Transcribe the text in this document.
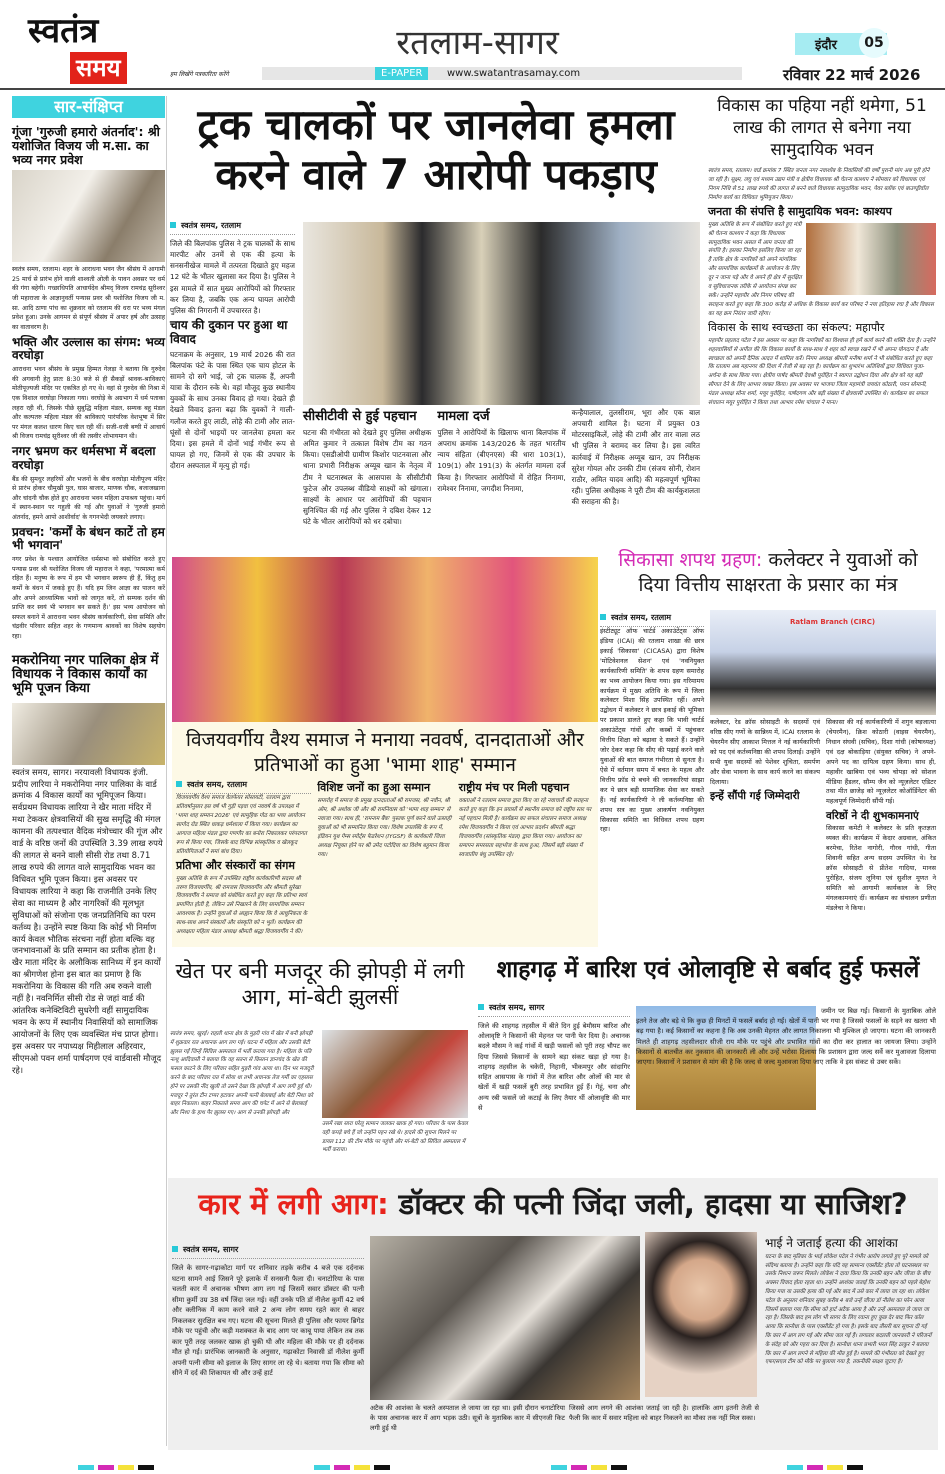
स्वतंत्र
समय	हम लिखेंगे पत्रकारिता करेंगे
रतलाम-सागर
E-PAPER	www.swatantrasamay.com
इंदौर	05
रविवार 22 मार्च 2026
सार-संक्षिप्त
गूंजा 'गुरुजी हमारो अंतर्नाद': श्री यशोजित विजय जी म.सा. का भव्य नगर प्रवेश
स्वतंत्र समय, रतलाम। शहर के आराधना भवन जैन श्रीसंघ में आगामी 25 मार्च से प्रारंभ होने वाली शाश्वती ओली के पावन अवसर पर धर्म की गंगा बहेगी। गच्छाधिपति आचार्यदेव श्रीमद् विजय रामचंद्र सूरीश्वर जी महाराजा के आज्ञानुवर्ती पन्यास प्रवर श्री यशोजित विजय जी म. सा. आदि ठाणा पांच का शुक्रवार को रतलाम की धरा पर भव्य मंगल प्रवेश हुआ। उनके आगमन से संपूर्ण श्रीसंघ में अपार हर्ष और उत्साह का वातावरण है।
भक्ति और उल्लास का संगम: भव्य वरघोड़ा
आराधना भवन श्रीसंघ के प्रमुख हिम्मत गेलड़ा ने बताया कि गुरुदेव की अगवानी हेतु प्रातः 8:30 बजे से ही सैकड़ों श्रावक-श्राविकाएं मोतीपूज्यजी मंदिर पर एकत्रित हो गए थे। वहां से गुरुदेव की निश्रा में एक विशाल वरघोड़ा निकाला गया। वरघोड़े के अग्रभाग में धर्म पताका लहरा रही थी, जिसके पीछे सुबुद्धि महिला मंडल, सम्यक बहू मंडल और कल्पतरु महिला मंडल की श्राविकाएं पारंपरिक वेशभूषा में सिर पर मंगल कलश धारण किए चल रही थीं। सजी-धजी बग्घी में आचार्य श्री विजय रामचंद्र सूरीश्वर जी की तस्वीर शोभायमान थी।
नगर भ्रमण कर धर्मसभा में बदला वरघोड़ा
बैंड की सुमधुर लहरियों और भजनों के बीच वरघोड़ा मोतीपूज्य मंदिर से प्रारंभ होकर चौमुखी पुल, घास बाजार, माणक चौक, बजाजखाना और चांदनी चौक होते हुए आराधना भवन महिला उपाश्रय पहुंचा। मार्ग में स्थान-स्थान पर गहुली की गई और युवाओं ने 'गुरुजी हमारो अंतर्नाद, हमने आपो आशीर्वाद' के गगनभेदी जयकारे लगाए।
प्रवचन: 'कर्मों के बंधन काटें तो हम भी भगवान'
नगर प्रवेश के पश्चात आयोजित धर्मसभा को संबोधित करते हुए पन्यास प्रवर श्री यशोजित विजय जी महाराज ने कहा, 'परमात्मा कर्म रहित हैं। मनुष्य के रूप में हम भी भगवान स्वरूप ही हैं, किंतु हम कर्मों के बंधन में जकड़े हुए हैं। यदि हम जिन आज्ञा का पालन करें और अपने आध्यात्मिक भावों को जागृत करें, तो सम्यक दर्शन की प्राप्ति कर स्वयं भी भगवान बन सकते हैं।' इस भव्य आयोजन को सफल बनाने में आराधना भवन श्रीसंघ कार्यकारिणी, सेवा समिति और चंद्रवीर परिवार सहित शहर के गणमान्य श्रावकों का विशेष सहयोग रहा।
मकरोनिया नगर पालिका क्षेत्र में विधायक ने विकास कार्यों का भूमि पूजन किया
स्वतंत्र समय, सागर। नरयावली विधायक इंजी. प्रदीप लारिया ने मकरोनिया नगर पालिका के वार्ड क्रमांक 4 विकास कार्यों का भूमिपूजन किया। सर्वप्रथम विधायक लारिया ने खैर माता मंदिर में मथा टेककर क्षेत्रवासियों की सुख समृद्धि की मंगल कामना की तत्पश्चात वैदिक मंत्रोच्चार की गूंज और वार्ड के वरिष्ठ जनों की उपस्थिति 3.39 लाख रुपये की लागत से बनने वाली सीसी रोड तथा 8.71 लाख रुपये की लागत वाले सामुदायिक भवन का विधिवत भूमि पूजन किया। इस अवसर पर विधायक लारिया ने कहा कि राजनीति उनके लिए सेवा का माध्यम है और नागरिकों की मूलभूत सुविधाओं को संजोना एक जनप्रतिनिधि का परम कर्तव्य है। उन्होंने स्पष्ट किया कि कोई भी निर्माण कार्य केवल भौतिक संरचना नहीं होता बल्कि वह जनभावनाओं के प्रति सम्मान का प्रतीक होता है। खैर माता मंदिर के अलौकिक सानिध्य में इन कार्यों का श्रीगणेश होना इस बात का प्रमाण है कि मकरोनिया के विकास की गति अब रुकने वाली नहीं है। नवनिर्मित सीसी रोड से जहां वार्ड की आंतरिक कनेक्टिविटी सुधरेगी वहीं सामुदायिक भवन के रूप में स्थानीय निवासियों को सामाजिक आयोजनों के लिए एक व्यवस्थित मंच प्राप्त होगा। इस अवसर पर नपाध्यक्ष मिहीलाल अहिरवार, सीएमओ पवन शर्मा पार्षदगण एवं वार्डवासी मौजूद रहे।
ट्रक चालकों पर जानलेवा हमला करने वाले 7 आरोपी पकड़ाए
स्वतंत्र समय, रतलाम
जिले की बिलपांक पुलिस ने ट्रक चालकों के साथ मारपीट और उनमें से एक की हत्या के सनसनीखेज मामले में तत्परता दिखाते हुए महज 12 घंटे के भीतर खुलासा कर दिया है। पुलिस ने इस मामले में सात मुख्य आरोपियों को गिरफ्तार कर लिया है, जबकि एक अन्य घायल आरोपी पुलिस की निगरानी में उपचाररत है।
चाय की दुकान पर हुआ था विवाद
घटनाक्रम के अनुसार, 19 मार्च 2026 की रात बिलपांक फंटे के पास स्थित एक चाय होटल के सामने दो सगे भाई, जो ट्रक चालक हैं, अपनी यात्रा के दौरान रुके थे। वहां मौजूद कुछ स्थानीय युवकों के साथ उनका विवाद हो गया। देखते ही देखते विवाद इतना बढ़ा कि युवकों ने गाली-गलौज करते हुए लाठी, लोहे की टामी और लात-घूंसों से दोनों भाइयों पर जानलेवा हमला कर दिया। इस हमले में दोनों भाई गंभीर रूप से घायल हो गए, जिनमें से एक की उपचार के दौरान अस्पताल में मृत्यु हो गई।
सीसीटीवी से हुई पहचान
घटना की गंभीरता को देखते हुए पुलिस अधीक्षक अमित कुमार ने तत्काल विशेष टीम का गठन किया। एसडीओपी ग्रामीण किशोर पाटनवाला और थाना प्रभारी निरीक्षक अय्यूब खान के नेतृत्व में टीम ने घटनास्थल के आसपास के सीसीटीवी फुटेज और उपलब्ध वीडियो साक्ष्यों को खंगाला। साक्ष्यों के आधार पर आरोपियों की पहचान सुनिश्चित की गई और पुलिस ने दबिश देकर 12 घंटे के भीतर आरोपियों को धर दबोचा।
मामला दर्ज
पुलिस ने आरोपियों के खिलाफ थाना बिलपांक में अपराध क्रमांक 143/2026 के तहत भारतीय न्याय संहिता (बीएनएस) की धारा 103(1), 109(1) और 191(3) के अंतर्गत मामला दर्ज किया है। गिरफ्तार आरोपियों में रोहित निनामा, रामेश्वर निनामा, जगदीश निनामा,
कन्हैयालाल, तुलसीराम, भूरा और एक बाल अपचारी शामिल है। घटना में प्रयुक्त 03 मोटरसाइकिलें, लोहे की टामी और तार वाला लठ भी पुलिस ने बरामद कर लिया है। इस त्वरित कार्रवाई में निरीक्षक अय्यूब खान, उप निरीक्षक सुरेश गोयल और उनकी टीम (संजय सोनी, रोशन राठौर, अमित यादव आदि) की महत्वपूर्ण भूमिका रही। पुलिस अधीक्षक ने पूरी टीम की कार्यकुशलता की सराहना की है।
विकास का पहिया नहीं थमेगा, 51 लाख की लागत से बनेगा नया सामुदायिक भवन
स्वतंत्र समय, रतलाम। वार्ड क्रमांक 7 स्थित जनता नगर नवाशोब के निवासियों की वर्षों पुरानी मांग अब पूरी होने जा रही है। सूक्ष्म, लघु एवं मध्यम उद्यम मंत्री व क्षेत्रीय विधायक श्री चेतन्य काश्यप ने सोमवार को विधायक एवं निगम निधि से 51 लाख रुपये की लागत से बनने वाले विधायक सामुदायिक भवन, पेवर ब्लॉक एवं बाउण्ड्रीवॉल निर्माण कार्य का विधिवत भूमिपूजन किया।
जनता की संपत्ति है सामुदायिक भवन: काश्यप
मुख्य अतिथि के रूप में संबोधित करते हुए मंत्री श्री चेतन्य काश्यप ने कहा कि विधायक सामुदायिक भवन असल में आम जनता की संपत्ति है। इसका निर्माण इसलिए किया जा रहा है ताकि क्षेत्र के नागरिकों को अपने मांगलिक और सामाजिक कार्यक्रमों के आयोजन के लिए दूर न जाना पड़े और वे अपने ही क्षेत्र में सुरक्षित व सुविधाजनक तरीके से आयोजन संपन्न कर सकें। उन्होंने महापौर और निगम परिषद की सराहना करते हुए कहा कि 300 करोड़ से अधिक के विकास कार्य कर परिषद ने नया इतिहास रचा है और विकास का यह क्रम निरंतर जारी रहेगा।
विकास के साथ स्वच्छता का संकल्प: महापौर
महापौर प्रहलाद पटेल ने इस अवसर पर कहा कि नागरिकों का विश्वास ही हमें कार्य करने की शक्ति देता है। उन्होंने शहरवासियों से अपील की कि विकास कार्यों के साथ-साथ वे शहर को स्वच्छ रखने में भी अपना योगदान दें और स्वच्छता को अपनी दैनिक आदत में शामिल करें। निगम अध्यक्ष श्रीमती मनीषा शर्मा ने भी संबोधित करते हुए कहा कि रतलाम अब महानगर की दिशा में तेजी से बढ़ रहा है। कार्यक्रम का शुभारंभ अतिथियों द्वारा विधिवत पूजा-अर्चना के साथ किया गया। क्षेत्रीय पार्षद श्रीमती देवश्री पुरोहित ने स्वागत उद्बोधन दिया और क्षेत्र को यह बड़ी सौगात देने के लिए आभार व्यक्त किया। इस अवसर पर भाजपा जिला महामंत्री जयवंत कोठारी, पवन सोमानी, मंडल अध्यक्ष सोना शर्मा, मयूर पुरोहित, पार्षदगण और बड़ी संख्या में क्षेत्रवासी उपस्थित थे। कार्यक्रम का सफल संचालन मयूर पुरोहित ने किया तथा आभार रमेश पांचाल ने माना।
विजयवर्गीय वैश्य समाज ने मनाया नववर्ष, दानदाताओं और प्रतिभाओं का हुआ 'भामा शाह' सम्मान
स्वतंत्र समय, रतलाम
विजयवर्गीय वैश्य समाज वेलफेयर सोसायटी, रतलाम द्वारा प्रतिवर्षानुसार इस वर्ष भी गुड़ी पड़वा एवं नववर्ष के उपलक्ष्य में 'भामा शाह सम्मान 2026' एवं सामूहिक गोठ का भव्य आयोजन सागोद रोड स्थित धाकड़ धर्मशाला में किया गया। कार्यक्रम का आगाज महिला मंडल द्वारा गणगौर का बनोरा निकालकर परंपरागत रूप से किया गया, जिसके बाद विभिन्न सांस्कृतिक व खेलकूद प्रतियोगिताओं ने समां बांध दिया।
प्रतिभा और संस्कारों का संगम
मुख्य अतिथि के रूप में उपस्थित राष्ट्रीय कार्यकारिणी सदस्य श्री तरुण विजयवर्गीय, श्री रामजस विजयवर्गीय और श्रीमती सुरेखा विजयवर्गीय ने समाज को संबोधित करते हुए कहा कि प्रतिभा स्वयं प्रमाणित होती है, लेकिन उसे निखारने के लिए सामाजिक सम्मान आवश्यक है। उन्होंने युवाओं से आह्वान किया कि वे आधुनिकता के साथ-साथ अपने संस्कारों और संस्कृति को न भूलें। कार्यक्रम की अध्यक्षता महिला मंडल अध्यक्ष श्रीमती श्रद्धा विजयवर्गीय ने की।
विशिष्ट जनों का हुआ सम्मान
समारोह में समाज के प्रमुख दानदाताओं श्री रामजस, श्री नवीन, श्री ओम, श्री अशोक जी और श्री रामनिवास को 'भामा शाह सम्मान' से नवाजा गया। साथ ही, 'रामनाम बैंक' पुस्तक पूर्ण करने वाले उत्साही युवाओं को भी सम्मानित किया गया। विशेष उपलब्धि के रूप में, इंडियन यूथ गेम्स स्पोर्ट्स फेडरेशन (IYGSF) के कार्यकारी जिला अध्यक्ष नियुक्त होने पर श्री उमेद पटोदिया का विशेष बहुमान किया गया।
राष्ट्रीय मंच पर मिली पहचान
वक्ताओं ने रतलाम समाज द्वारा किए जा रहे नवाचारों की सराहना करते हुए कहा कि इन प्रयासों से स्थानीय समाज को राष्ट्रीय स्तर पर नई पहचान मिली है। कार्यक्रम का सफल संचालन समाज अध्यक्ष रमेश विजयवर्गीय ने किया एवं आभार प्रदर्शन श्रीमती श्रद्धा विजयवर्गीय (सांस्कृतिक मंडल) द्वारा किया गया। आयोजन का समापन समरसता सहभोज के साथ हुआ, जिसमें बड़ी संख्या में स्वजातीय बंधु उपस्थित रहे।
सिकासा शपथ ग्रहण: कलेक्टर ने युवाओं को दिया वित्तीय साक्षरता के प्रसार का मंत्र
स्वतंत्र समय, रतलाम
इंस्टीट्यूट ऑफ चार्टर्ड अकाउंटेंट्स ऑफ इंडिया (ICAI) की रतलाम शाखा की छात्र इकाई 'सिकासा' (CICASA) द्वारा विशेष 'मोटिवेशनल सेशन' एवं 'नवनियुक्त कार्यकारिणी समिति' के शपथ ग्रहण समारोह का भव्य आयोजन किया गया। इस गरिमामय कार्यक्रम में मुख्य अतिथि के रूप में जिला कलेक्टर मिशा सिंह उपस्थित रहीं। अपने उद्बोधन में कलेक्टर ने छात्र इकाई की भूमिका पर प्रकाश डालते हुए कहा कि भावी चार्टर्ड अकाउंटेंट्स गांवों और कस्बों में पहुंचकर वित्तीय शिक्षा को बढ़ावा दे सकते हैं। उन्होंने जोर देकर कहा कि सीए की पढ़ाई करने वाले युवाओं की बात समाज गंभीरता से सुनता है। ऐसे में वर्तमान समय में बचत के महत्व और वित्तीय फ्रॉड से बचने की जानकारियां साझा कर ये छात्र बड़ी सामाजिक सेवा कर सकते हैं। नई कार्यकारिणी ने ली कर्तव्यनिष्ठा की शपथ सत्र का मुख्य आकर्षण नवनियुक्त सिकासा समिति का विधिवत शपथ ग्रहण रहा।
Ratlam Branch (CIRC)
कलेक्टर, रेड क्रॉस सोसाइटी के सदस्यों एवं वरिष्ठ सीए गणों के सान्निध्य में, ICAI रतलाम के चेयरमैन सीए आकाश मित्तल ने नई कार्यकारिणी को पद एवं कर्तव्यनिष्ठा की शपथ दिलाई। उन्होंने सभी युवा सदस्यों को पेशेवर शुचिता, समर्पण और सेवा भावना के साथ कार्य करने का संकल्प दिलाया।
इन्हें सौंपी गई जिम्मेदारी
सिकासा की नई कार्यकारिणी में शगुन बड़जात्या (चेयरमैन), क्रिश कोठारी (वाइस चेयरमैन), निधान संघवी (सचिव), दिशा गांधी (कोषाध्यक्ष) एवं दक्ष बोकाड़िया (संयुक्त सचिव) ने अपने-अपने पद का दायित्व ग्रहण किया। साथ ही, महावीर खाबिया एवं भव्य चोपड़ा को सोशल मीडिया हैंडलर, सौम्य जैन को न्यूज़लेटर एडिटर तथा मीत छाजेड़ को न्यूज़लेटर कोऑर्डिनेटर की महत्वपूर्ण जिम्मेदारी सौंपी गई।
वरिष्ठों ने दी शुभकामनाएं
सिकासा कमेटी ने कलेक्टर के प्रति कृतज्ञता व्यक्त की। कार्यक्रम में केदार अग्रवाल, अंकित बरमेचा, रितेश नागोरी, गौरव गांधी, गीता शिवानी सहित अन्य सदस्य उपस्थित थे। रेड क्रॉस सोसाइटी से प्रीतेश गादिया, मानस पुरोहित, संजय लूनिया एवं सुशील मूणत ने समिति को आगामी कार्यकाल के लिए मंगलकामनाएं दीं। कार्यक्रम का संचालन प्रणीता मंडलेचा ने किया।
खेत पर बनी मजदूर की झोपड़ी में लगी आग, मां-बेटी झुलसीं
स्वतंत्र समय, खुरई। राहली थाना क्षेत्र के मुड़री गांव में खेत में बनी झोपड़ी में शुक्रवार रात अचानक आग लग गई। घटना में महिला और उसकी बेटी झुलस गईं जिन्हें सिविल अस्पताल में भर्ती कराया गया है। महिला के पति नत्थू आदिवासी ने बताया कि वह सतना से किसान ज्ञानचंद के खेत की फसल काटने के लिए परिवार सहित मुड़री गांव आया था। दिन भर मजदूरी करने के बाद परिवार रात में सोया था तभी अचानक तेज गर्मी का एहसास होने पर उसकी नींद खुली तो उसने देखा कि झोपड़ी में आग लगी हुई थी। मजदूर ने तुरंत टीन टप्पर हटाकर अपनी पत्नी बेलाबाई और बेटी निशा को बाहर निकाला। बाहर निकलते समय आग की चपेट में आने से बेलाबाई और निशा के हाथ पैर झुलस गए। आग से उनकी झोपड़ी और
उसमें रखा सारा घरेलू सामान जलकर खाक हो गया। परिवार के पास केवल वही कपड़े बचे हैं जो उन्होंने पहन रखे थे। हादसे की सूचना मिलने पर डायल 112 की टीम मौके पर पहुंची और मां-बेटी को सिविल अस्पताल में भर्ती कराया।
शाहगढ़ में बारिश एवं ओलावृष्टि से बर्बाद हुई फसलें
स्वतंत्र समय, सागर
जिले की शाहगढ़ तहसील में बीते दिन हुई बेमौसम बारिश और ओलावृष्टि ने किसानों की मेहनत पर पानी फेर दिया है। अचानक बदले मौसम ने कई गांवों में खड़ी फसलों को पूरी तरह चौपट कर दिया जिससे किसानों के सामने बड़ा संकट खड़ा हो गया है। शाहगढ़ तहसील के चकेरी, निहानी, भीकमपुर और सांदागिर सहित आसपास के गांवों में तेज बारिश और ओलों की मार से खेतों में खड़ी फसलें बुरी तरह प्रभावित हुई हैं। गेहूं, चना और अन्य रबी फसलें जो कटाई के लिए तैयार थीं ओलावृष्टि की मार से
जमीन पर बिछ गईं। किसानों के मुताबिक ओले इतने तेज और बड़े थे कि कुछ ही मिनटों में फसलें बर्बाद हो गईं। खेतों में पानी भर गया है जिससे फसलों के सड़ने का खतरा भी बढ़ गया है। कई किसानों का कहना है कि अब उनकी मेहनत और लागत निकालना भी मुश्किल हो जाएगा। घटना की जानकारी मिलते ही शाहगढ़ तहसीलदार सीजी राय मौके पर पहुंचे और प्रभावित गांवों का दौरा कर हालात का जायजा लिया। उन्होंने किसानों से बातचीत कर नुकसान की जानकारी ली और उन्हें भरोसा दिलाया कि प्रशासन द्वारा जल्द सर्वे कर मुआवजा दिलाया जाएगा। किसानों ने प्रशासन से मांग की है कि जल्द से जल्द मुआवजा दिया जाए ताकि वे इस संकट से उबर सकें।
कार में लगी आग: डॉक्टर की पत्नी जिंदा जली, हादसा या साजिश?
स्वतंत्र समय, सागर
जिले के सागर-गढ़ाकोटा मार्ग पर शनिवार तड़के करीब 4 बजे एक दर्दनाक घटना सामने आई जिसने पूरे इलाके में सनसनी फैला दी। चनाटोरिया के पास चलती कार में अचानक भीषण आग लग गई जिसमें सवार डॉक्टर की पत्नी सीमा कुर्मी उम्र 38 वर्ष जिंदा जल गई। वहीं उनके पति डॉ नीलेश कुर्मी 42 वर्ष और क्लीनिक में काम करने वाले 2 अन्य लोग समय रहते कार से बाहर निकलकर सुरक्षित बच गए। घटना की सूचना मिलते ही पुलिस और फायर ब्रिगेड मौके पर पहुंची और कड़ी मशक्कत के बाद आग पर काबू पाया लेकिन तब तक कार पूरी तरह जलकर खाक हो चुकी थी और महिला की मौके पर ही दर्दनाक मौत हो गई। प्रारंभिक जानकारी के अनुसार, गढ़ाकोटा निवासी डॉ नीलेश कुर्मी अपनी पत्नी सीमा को इलाज के लिए सागर ला रहे थे। बताया गया कि सीमा को सीने में दर्द की शिकायत थी और उन्हें हार्ट
अटैक की आशंका के चलते अस्पताल ले जाया जा रहा था। इसी दौरान चनाटोरिया के पास अचानक कार में आग भड़क उठी। सूत्रों के मुताबिक कार में सीएनजी किट लगी हुई थी
जिससे आग लगने की आशंका जताई जा रही है। हालांकि आग इतनी तेजी से फैली कि कार में सवार महिला को बाहर निकलने का मौका तक नहीं मिल सका।
भाई ने जताई हत्या की आशंका
घटना के बाद मृतिका के भाई लोकेश पटेल ने गंभीर आरोप लगाते हुए पूरे मामले को संदिग्ध बताया है। उन्होंने कहा कि यदि यह सामान्य एक्सीडेंट होता तो घटनास्थल पर उसके निशान जरूर मिलते। लोकेश ने दावा किया कि उनकी बहन और जीजा के बीच अक्सर विवाद होता रहता था। उन्होंने आशंका जताई कि उनकी बहन को पहले बेहोश किया गया या उसकी हत्या की गई और बाद में उसे कार में लाया जा रहा था। लोकेश पटेल के अनुसार शनिवार सुबह करीब 4 बजे उन्हें जीजा डॉ नीलेश का फोन आया जिसमें बताया गया कि सीमा को हार्ट अटैक आया है और उन्हें अस्पताल ले जाया जा रहा है। जिसके बाद हम लोग भी सागर के लिए रवाना हुए कुछ देर बाद फिर कॉल आया कि सानौधा के पास एक्सीडेंट हो गया है। इसके बाद तीसरी बार सूचना दी गई कि कार में आग लग गई और सीमा जल गई हैं। लगातार बदलती जानकारी ने परिजनों के संदेह को और गहरा कर दिया है। सानौधा थाना प्रभारी भरत सिंह ठाकुर ने बताया कि कार में आग लगने से महिला की मौत हुई है। मामले की गंभीरता को देखते हुए एफएसएल टीम को मौके पर बुलाया गया है, तकनीकी साक्ष्य जुटाए हैं।
